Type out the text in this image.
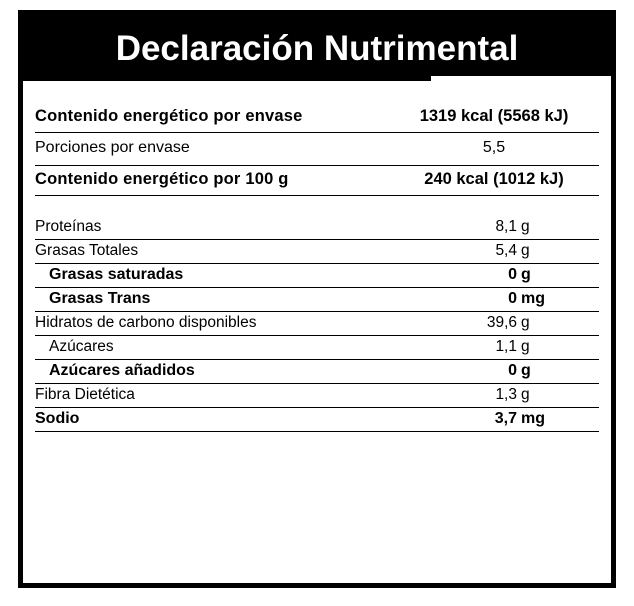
Declaración Nutrimental
Contenido energético por envase	1319 kcal (5568 kJ)
Porciones por envase	5,5
Contenido energético por 100 g	240 kcal (1012 kJ)
Proteínas	8,1 g
Grasas Totales	5,4 g
Grasas saturadas	0 g
Grasas Trans	0 mg
Hidratos de carbono disponibles	39,6 g
Azúcares	1,1 g
Azúcares añadidos	0 g
Fibra Dietética	1,3 g
Sodio	3,7 mg
